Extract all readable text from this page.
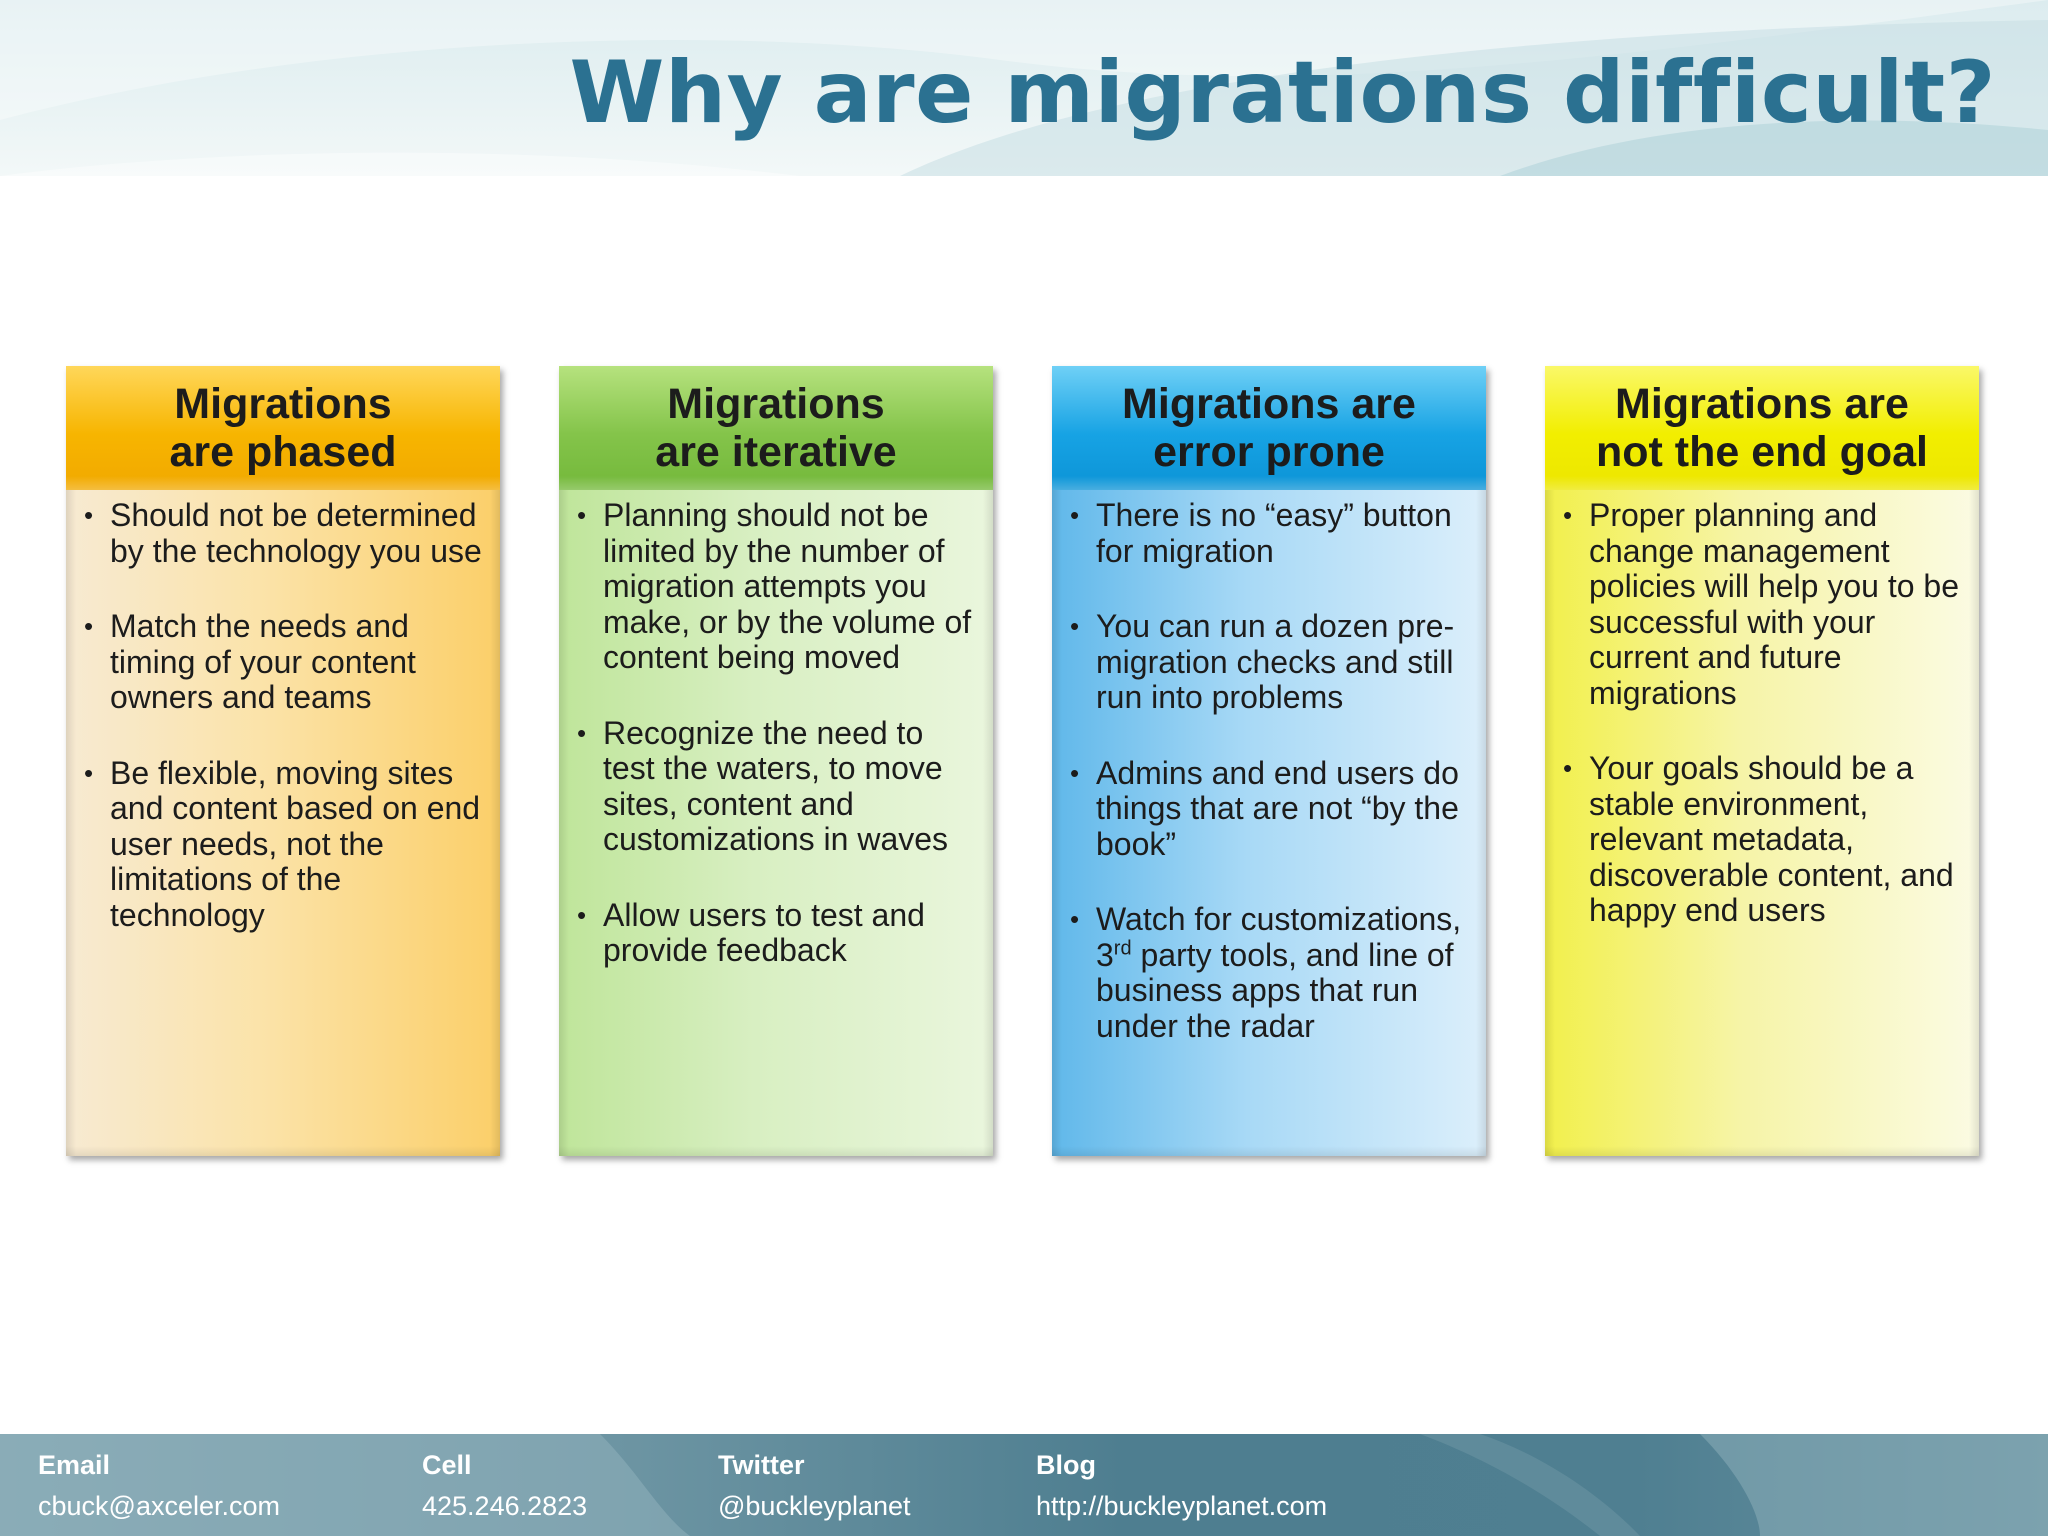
Why are migrations difficult?
Migrations
are phased
• Should not be determined by the technology you use
• Match the needs and timing of your content owners and teams
• Be flexible, moving sites and content based on end user needs, not the limitations of the technology
Migrations
are iterative
• Planning should not be limited by the number of migration attempts you make, or by the volume of content being moved
• Recognize the need to test the waters, to move sites, content and customizations in waves
• Allow users to test and provide feedback
Migrations are
error prone
• There is no “easy” button for migration
• You can run a dozen pre-migration checks and still run into problems
• Admins and end users do things that are not “by the book”
• Watch for customizations, 3rd party tools, and line of business apps that run under the radar
Migrations are
not the end goal
• Proper planning and change management policies will help you to be successful with your current and future migrations
• Your goals should be a stable environment, relevant metadata, discoverable content, and happy end users
Email
cbuck@axceler.com
Cell
425.246.2823
Twitter
@buckleyplanet
Blog
http://buckleyplanet.com
